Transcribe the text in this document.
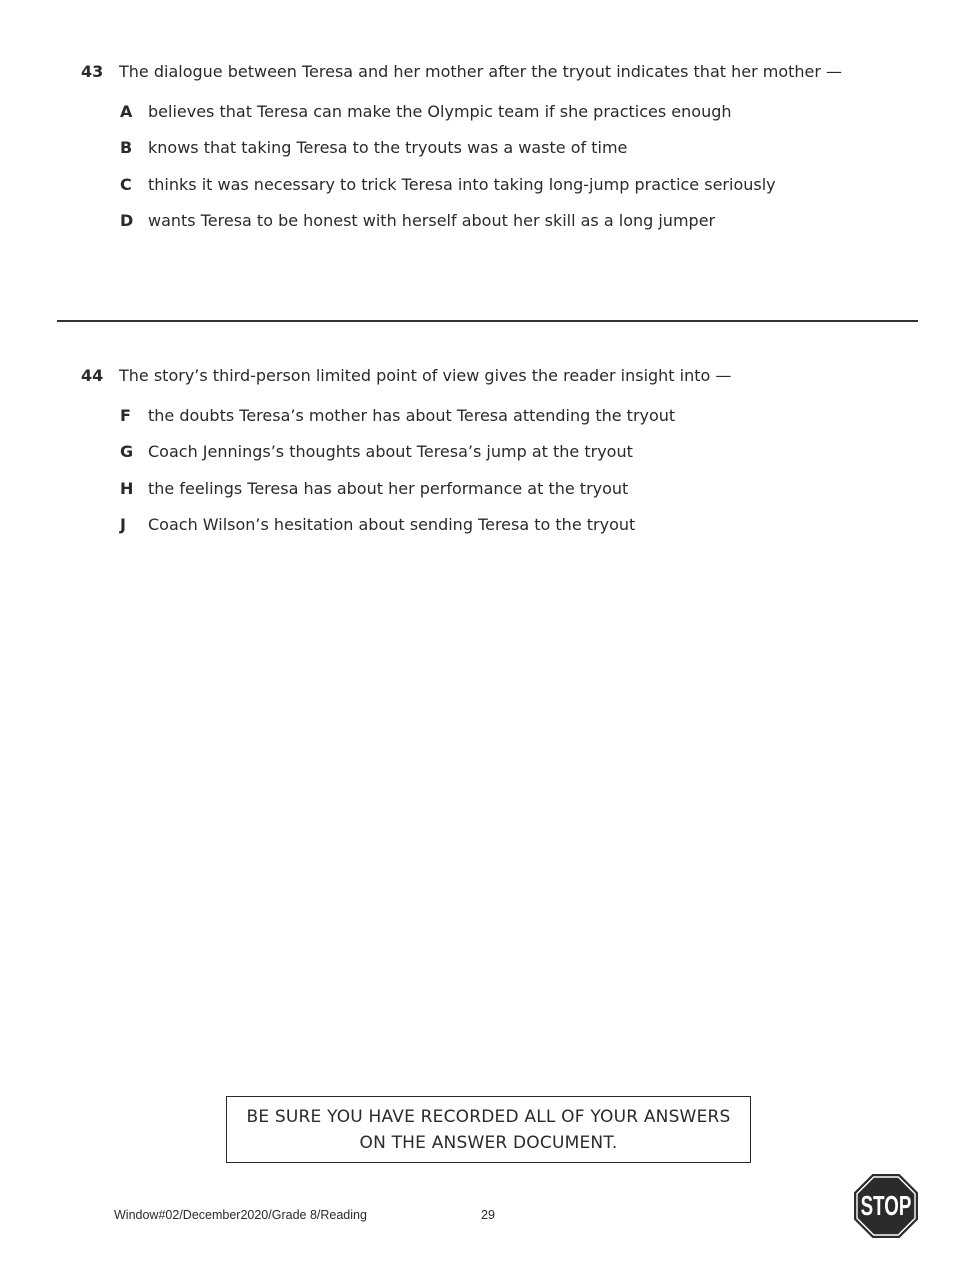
43 The dialogue between Teresa and her mother after the tryout indicates that her mother —
A believes that Teresa can make the Olympic team if she practices enough
B knows that taking Teresa to the tryouts was a waste of time
C thinks it was necessary to trick Teresa into taking long-jump practice seriously
D wants Teresa to be honest with herself about her skill as a long jumper
44 The story’s third-person limited point of view gives the reader insight into —
F the doubts Teresa’s mother has about Teresa attending the tryout
G Coach Jennings’s thoughts about Teresa’s jump at the tryout
H the feelings Teresa has about her performance at the tryout
J Coach Wilson’s hesitation about sending Teresa to the tryout
BE SURE YOU HAVE RECORDED ALL OF YOUR ANSWERS
ON THE ANSWER DOCUMENT.
Window#02/December2020/Grade 8/Reading	29	STOP
